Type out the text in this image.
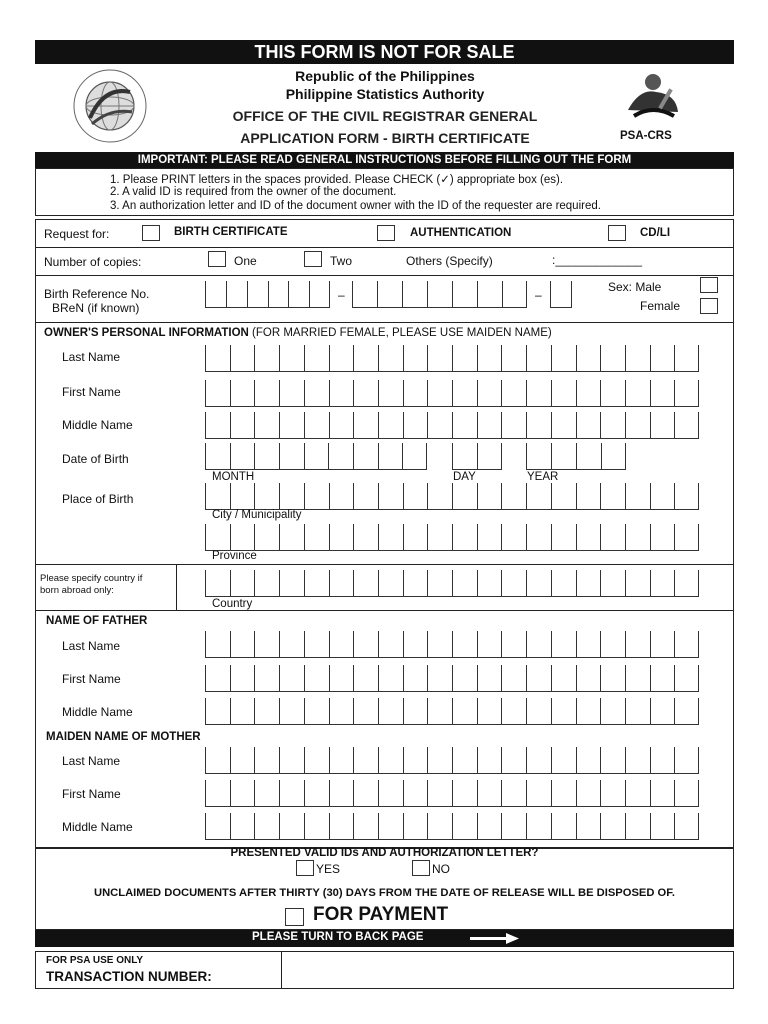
THIS FORM IS NOT FOR SALE
PSA-CRS
Republic of the Philippines
Philippine Statistics Authority
OFFICE OF THE CIVIL REGISTRAR GENERAL
APPLICATION FORM - BIRTH CERTIFICATE
IMPORTANT: PLEASE READ GENERAL INSTRUCTIONS BEFORE FILLING OUT THE FORM
1. Please PRINT letters in the spaces provided. Please CHECK (✓) appropriate box (es).
2. A valid ID is required from the owner of the document.
3. An authorization letter and ID of the document owner with the ID of the requester are required.
Request for:	BIRTH CERTIFICATE	AUTHENTICATION	CD/LI
Number of copies:	One	Two	Others (Specify)	:_____________
Birth Reference No.
BReN (if known)
–	–
Sex: Male
Female
OWNER'S PERSONAL INFORMATION (FOR MARRIED FEMALE, PLEASE USE MAIDEN NAME)
Last Name
First Name
Middle Name
Date of Birth
MONTH	DAY	YEAR
Place of Birth
City / Municipality
Province
Please specify country if
born abroad only:
Country
NAME OF FATHER
Last Name
First Name
Middle Name
MAIDEN NAME OF MOTHER
Last Name
First Name
Middle Name
PRESENTED VALID IDs AND AUTHORIZATION LETTER?
YES	NO
UNCLAIMED DOCUMENTS AFTER THIRTY (30) DAYS FROM THE DATE OF RELEASE WILL BE DISPOSED OF.
FOR PAYMENT
PLEASE TURN TO BACK PAGE
FOR PSA USE ONLY
TRANSACTION NUMBER:
